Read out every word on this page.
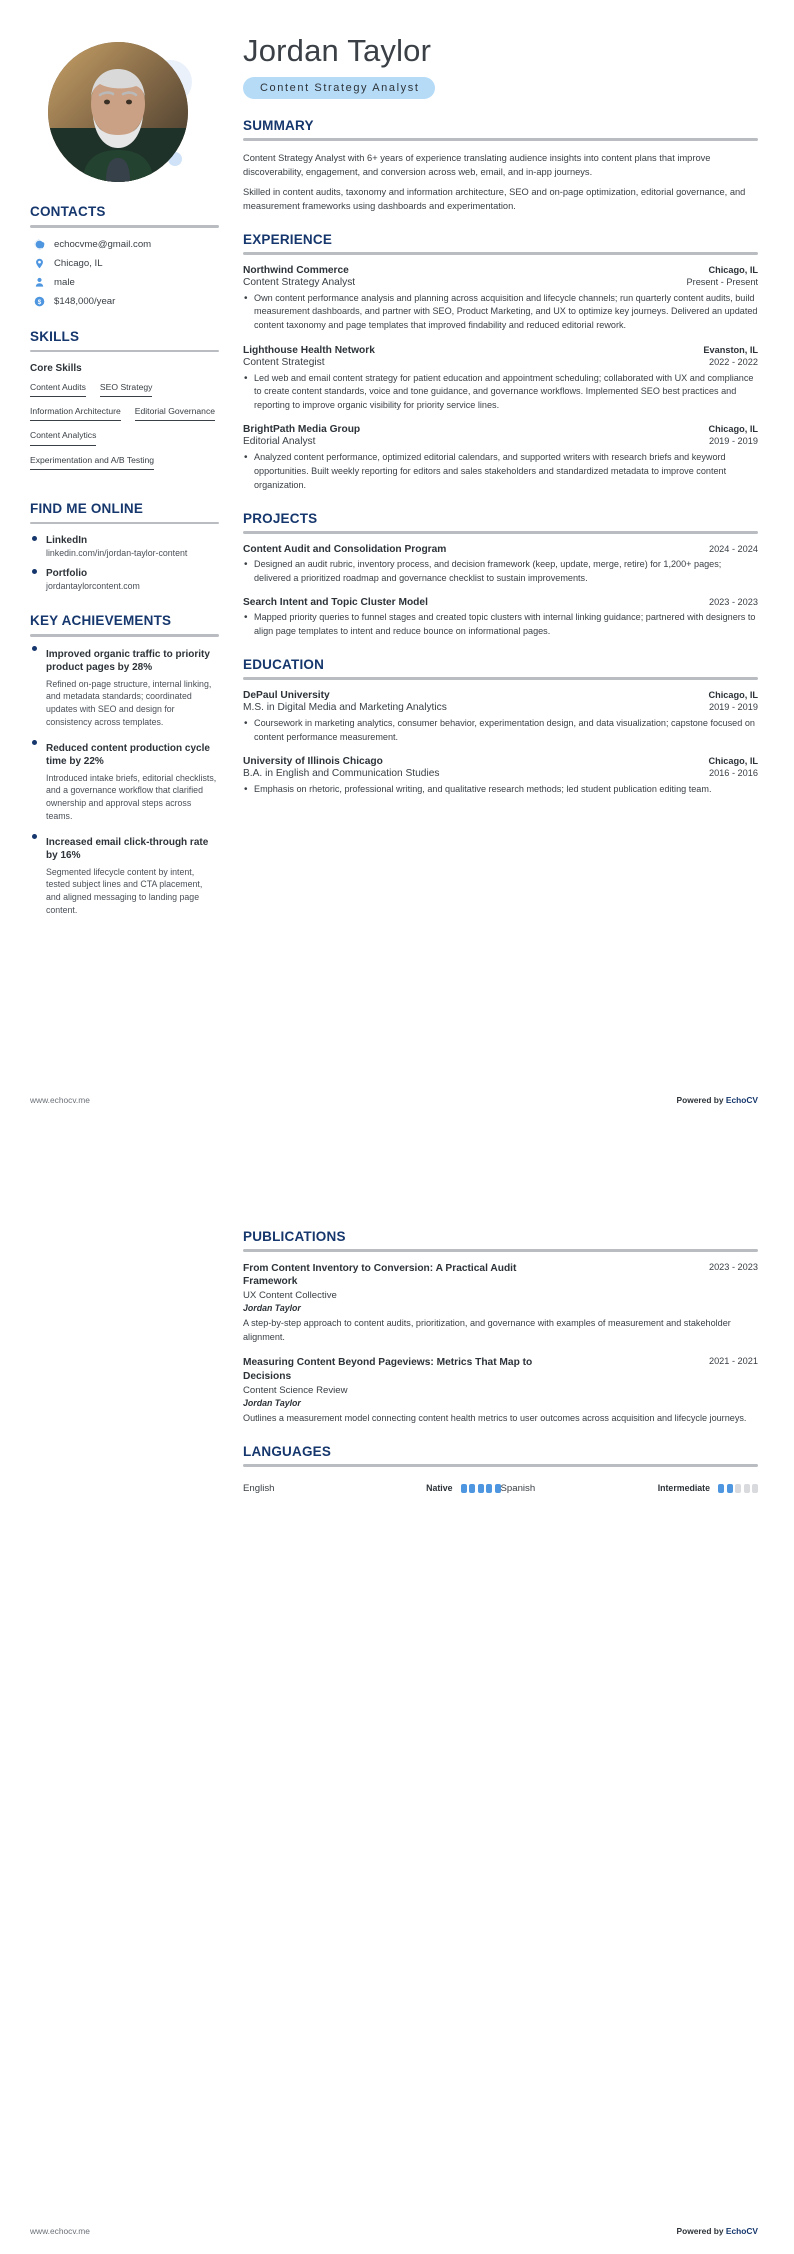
CONTACTS
echocvme@gmail.com
Chicago, IL
male
$ $148,000/year
SKILLS
Core Skills
Content Audits SEO Strategy
Information Architecture Editorial Governance
Content Analytics
Experimentation and A/B Testing
FIND ME ONLINE
LinkedIn
linkedin.com/in/jordan-taylor-content
Portfolio
jordantaylorcontent.com
KEY ACHIEVEMENTS
Improved organic traffic to priority product pages by 28%
Refined on-page structure, internal linking, and metadata standards; coordinated updates with SEO and design for consistency across templates.
Reduced content production cycle time by 22%
Introduced intake briefs, editorial checklists, and a governance workflow that clarified ownership and approval steps across teams.
Increased email click-through rate by 16%
Segmented lifecycle content by intent, tested subject lines and CTA placement, and aligned messaging to landing page content.
Jordan Taylor
Content Strategy Analyst
SUMMARY

Content Strategy Analyst with 6+ years of experience translating audience insights into content plans that improve discoverability, engagement, and conversion across web, email, and in-app journeys.

Skilled in content audits, taxonomy and information architecture, SEO and on-page optimization, editorial governance, and measurement frameworks using dashboards and experimentation.

EXPERIENCE
Northwind Commerce	Chicago, IL
Content Strategy Analyst	Present - Present
• Own content performance analysis and planning across acquisition and lifecycle channels; run quarterly content audits, build measurement dashboards, and partner with SEO, Product Marketing, and UX to optimize key journeys. Delivered an updated content taxonomy and page templates that improved findability and reduced editorial rework.
Lighthouse Health Network	Evanston, IL
Content Strategist	2022 - 2022
• Led web and email content strategy for patient education and appointment scheduling; collaborated with UX and compliance to create content standards, voice and tone guidance, and governance workflows. Implemented SEO best practices and reporting to improve organic visibility for priority service lines.
BrightPath Media Group	Chicago, IL
Editorial Analyst	2019 - 2019
• Analyzed content performance, optimized editorial calendars, and supported writers with research briefs and keyword opportunities. Built weekly reporting for editors and sales stakeholders and standardized metadata to improve content organization.
PROJECTS
Content Audit and Consolidation Program	2024 - 2024
• Designed an audit rubric, inventory process, and decision framework (keep, update, merge, retire) for 1,200+ pages; delivered a prioritized roadmap and governance checklist to sustain improvements.
Search Intent and Topic Cluster Model	2023 - 2023
• Mapped priority queries to funnel stages and created topic clusters with internal linking guidance; partnered with designers to align page templates to intent and reduce bounce on informational pages.
EDUCATION
DePaul University	Chicago, IL
M.S. in Digital Media and Marketing Analytics	2019 - 2019
• Coursework in marketing analytics, consumer behavior, experimentation design, and data visualization; capstone focused on content performance measurement.
University of Illinois Chicago	Chicago, IL
B.A. in English and Communication Studies	2016 - 2016
• Emphasis on rhetoric, professional writing, and qualitative research methods; led student publication editing team.
www.echocv.me	Powered by EchoCV
PUBLICATIONS
From Content Inventory to Conversion: A Practical Audit Framework
2023 - 2023
UX Content Collective
Jordan Taylor
A step-by-step approach to content audits, prioritization, and governance with examples of measurement and stakeholder alignment.
Measuring Content Beyond Pageviews: Metrics That Map to Decisions
2021 - 2021
Content Science Review
Jordan Taylor
Outlines a measurement model connecting content health metrics to user outcomes across acquisition and lifecycle journeys.
LANGUAGES
English	Native	Spanish	Intermediate
www.echocv.me	Powered by EchoCV
